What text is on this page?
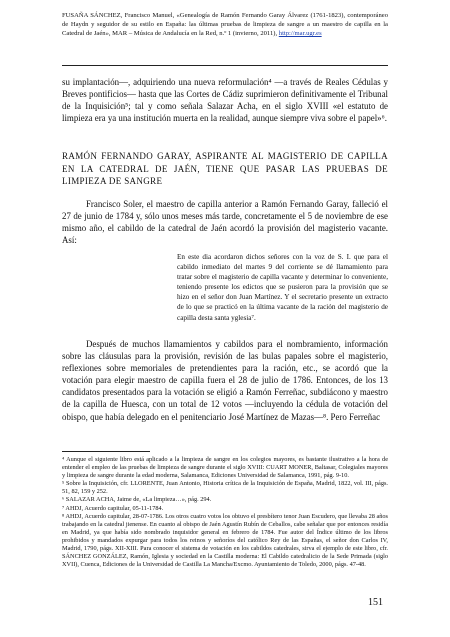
FUSAÑA SÁNCHEZ, Francisco Manuel, «Genealogía de Ramón Fernando Garay Álvarez (1761-1823), contemporáneo de Haydn y seguidor de su estilo en España: las últimas pruebas de limpieza de sangre a un maestro de capilla en la Catedral de Jaén», MAR – Música de Andalucía en la Red, n.º 1 (invierno, 2011), http://mar.ugr.es

su implantación—, adquiriendo una nueva reformulación⁴ —a través de Reales Cédulas y Breves pontificios— hasta que las Cortes de Cádiz suprimieron definitivamente el Tribunal de la Inquisición⁵; tal y como señala Salazar Acha, en el siglo XVIII «el estatuto de limpieza era ya una institución muerta en la realidad, aunque siempre viva sobre el papel»⁶.

RAMÓN FERNANDO GARAY, ASPIRANTE AL MAGISTERIO DE CAPILLA EN LA CATEDRAL DE JAÉN, TIENE QUE PASAR LAS PRUEBAS DE LIMPIEZA DE SANGRE

Francisco Soler, el maestro de capilla anterior a Ramón Fernando Garay, falleció el 27 de junio de 1784 y, sólo unos meses más tarde, concretamente el 5 de noviembre de ese mismo año, el cabildo de la catedral de Jaén acordó la provisión del magisterio vacante. Así:

En este dia acordaron dichos señores con la voz de S. I. que para el cabildo inmediato del martes 9 del corriente se dé llamamiento para tratar sobre el magisterio de capilla vacante y determinar lo conveniente, teniendo presente los edictos que se pusieron para la provisión que se hizo en el señor don Juan Martínez. Y el secretario presente un extracto de lo que se practicó en la última vacante de la ración del magisterio de capilla desta santa yglesia⁷.

Después de muchos llamamientos y cabildos para el nombramiento, información sobre las cláusulas para la provisión, revisión de las bulas papales sobre el magisterio, reflexiones sobre memoriales de pretendientes para la ración, etc., se acordó que la votación para elegir maestro de capilla fuera el 28 de julio de 1786. Entonces, de los 13 candidatos presentados para la votación se eligió a Ramón Ferreñac, subdiácono y maestro de la capilla de Huesca, con un total de 12 votos —incluyendo la cédula de votación del obispo, que había delegado en el penitenciario José Martínez de Mazas—⁸. Pero Ferreñac

⁴ Aunque el siguiente libro está aplicado a la limpieza de sangre en los colegios mayores, es bastante ilustrativo a la hora de entender el empleo de las pruebas de limpieza de sangre durante el siglo XVIII: CUART MONER, Baltasar, Colegiales mayores y limpieza de sangre durante la edad moderna, Salamanca, Ediciones Universidad de Salamanca, 1991, pág. 9-10.

⁵ Sobre la Inquisición, cfr. LLORENTE, Juan Antonio, Historia crítica de la Inquisición de España, Madrid, 1822, vol. III, págs. 51, 82, 159 y 252.

⁶ SALAZAR ACHA, Jaime de, «La limpieza…», pág. 294.

⁷ AHDJ, Acuerdo capitular, 05-11-1784.

⁸ AHDJ, Acuerdo capitular, 28-07-1786. Los otros cuatro votos los obtuvo el presbítero tenor Juan Escudero, que llevaba 28 años trabajando en la catedral jienense. En cuanto al obispo de Jaén Agustín Rubín de Ceballos, cabe señalar que por entonces residía en Madrid, ya que había sido nombrado inquisidor general en febrero de 1784. Fue autor del Índice último de los libros prohibidos y mandados expurgar para todos los reinos y señoríos del católico Rey de las Españas, el señor don Carlos IV, Madrid, 1790, págs. XII-XIII. Para conocer el sistema de votación en los cabildos catedrales, sirva el ejemplo de este libro, cfr. SÁNCHEZ GONZÁLEZ, Ramón, Iglesia y sociedad en la Castilla moderna: El Cabildo catedralicio de la Sede Primada (siglo XVII), Cuenca, Ediciones de la Universidad de Castilla La Mancha/Excmo. Ayuntamiento de Toledo, 2000, págs. 47-48.

151
